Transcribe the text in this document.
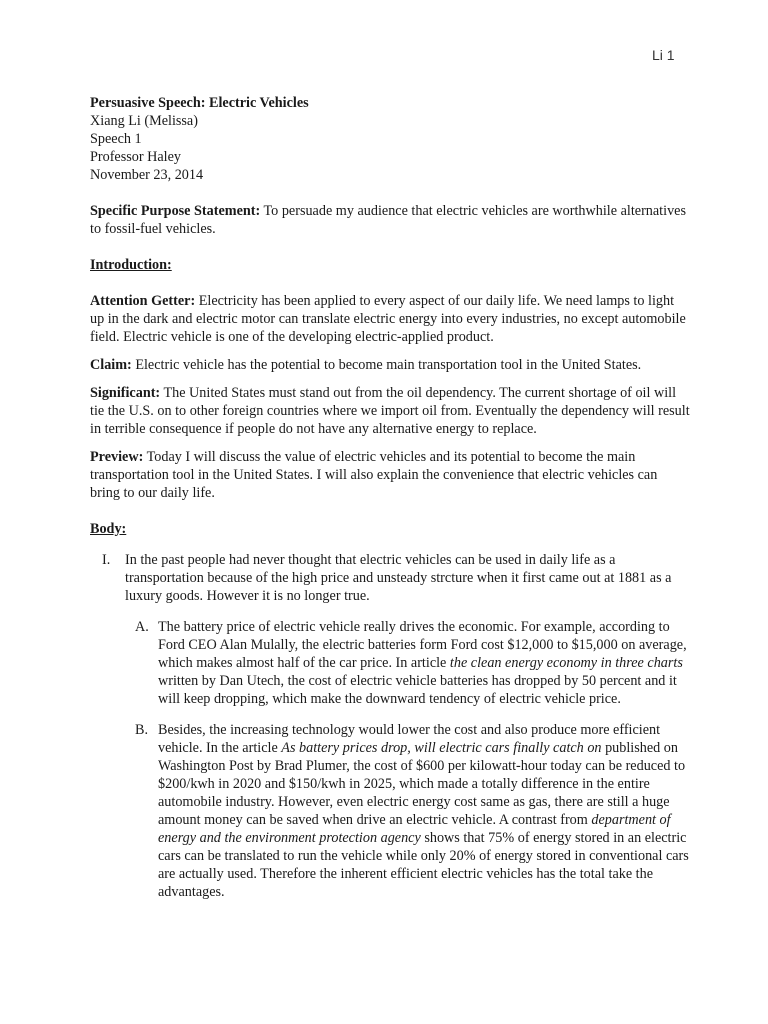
Li 1
Persuasive Speech: Electric Vehicles
Xiang Li (Melissa)
Speech 1
Professor Haley
November 23, 2014

Specific Purpose Statement: To persuade my audience that electric vehicles are worthwhile alternatives to fossil-fuel vehicles.

Introduction:

Attention Getter: Electricity has been applied to every aspect of our daily life. We need lamps to light up in the dark and electric motor can translate electric energy into every industries, no except automobile field. Electric vehicle is one of the developing electric-applied product.

Claim: Electric vehicle has the potential to become main transportation tool in the United States.

Significant: The United States must stand out from the oil dependency. The current shortage of oil will tie the U.S. on to other foreign countries where we import oil from. Eventually the dependency will result in terrible consequence if people do not have any alternative energy to replace.

Preview: Today I will discuss the value of electric vehicles and its potential to become the main transportation tool in the United States. I will also explain the convenience that electric vehicles can bring to our daily life.

Body:

I. In the past people had never thought that electric vehicles can be used in daily life as a transportation because of the high price and unsteady strcture when it first came out at 1881 as a luxury goods. However it is no longer true.

A. The battery price of electric vehicle really drives the economic. For example, according to Ford CEO Alan Mulally, the electric batteries form Ford cost $12,000 to $15,000 on average, which makes almost half of the car price. In article the clean energy economy in three charts written by Dan Utech, the cost of electric vehicle batteries has dropped by 50 percent and it will keep dropping, which make the downward tendency of electric vehicle price.

B. Besides, the increasing technology would lower the cost and also produce more efficient vehicle. In the article As battery prices drop, will electric cars finally catch on published on Washington Post by Brad Plumer, the cost of $600 per kilowatt-hour today can be reduced to $200/kwh in 2020 and $150/kwh in 2025, which made a totally difference in the entire automobile industry. However, even electric energy cost same as gas, there are still a huge amount money can be saved when drive an electric vehicle. A contrast from department of energy and the environment protection agency shows that 75% of energy stored in an electric cars can be translated to run the vehicle while only 20% of energy stored in conventional cars are actually used. Therefore the inherent efficient electric vehicles has the total take the advantages.
